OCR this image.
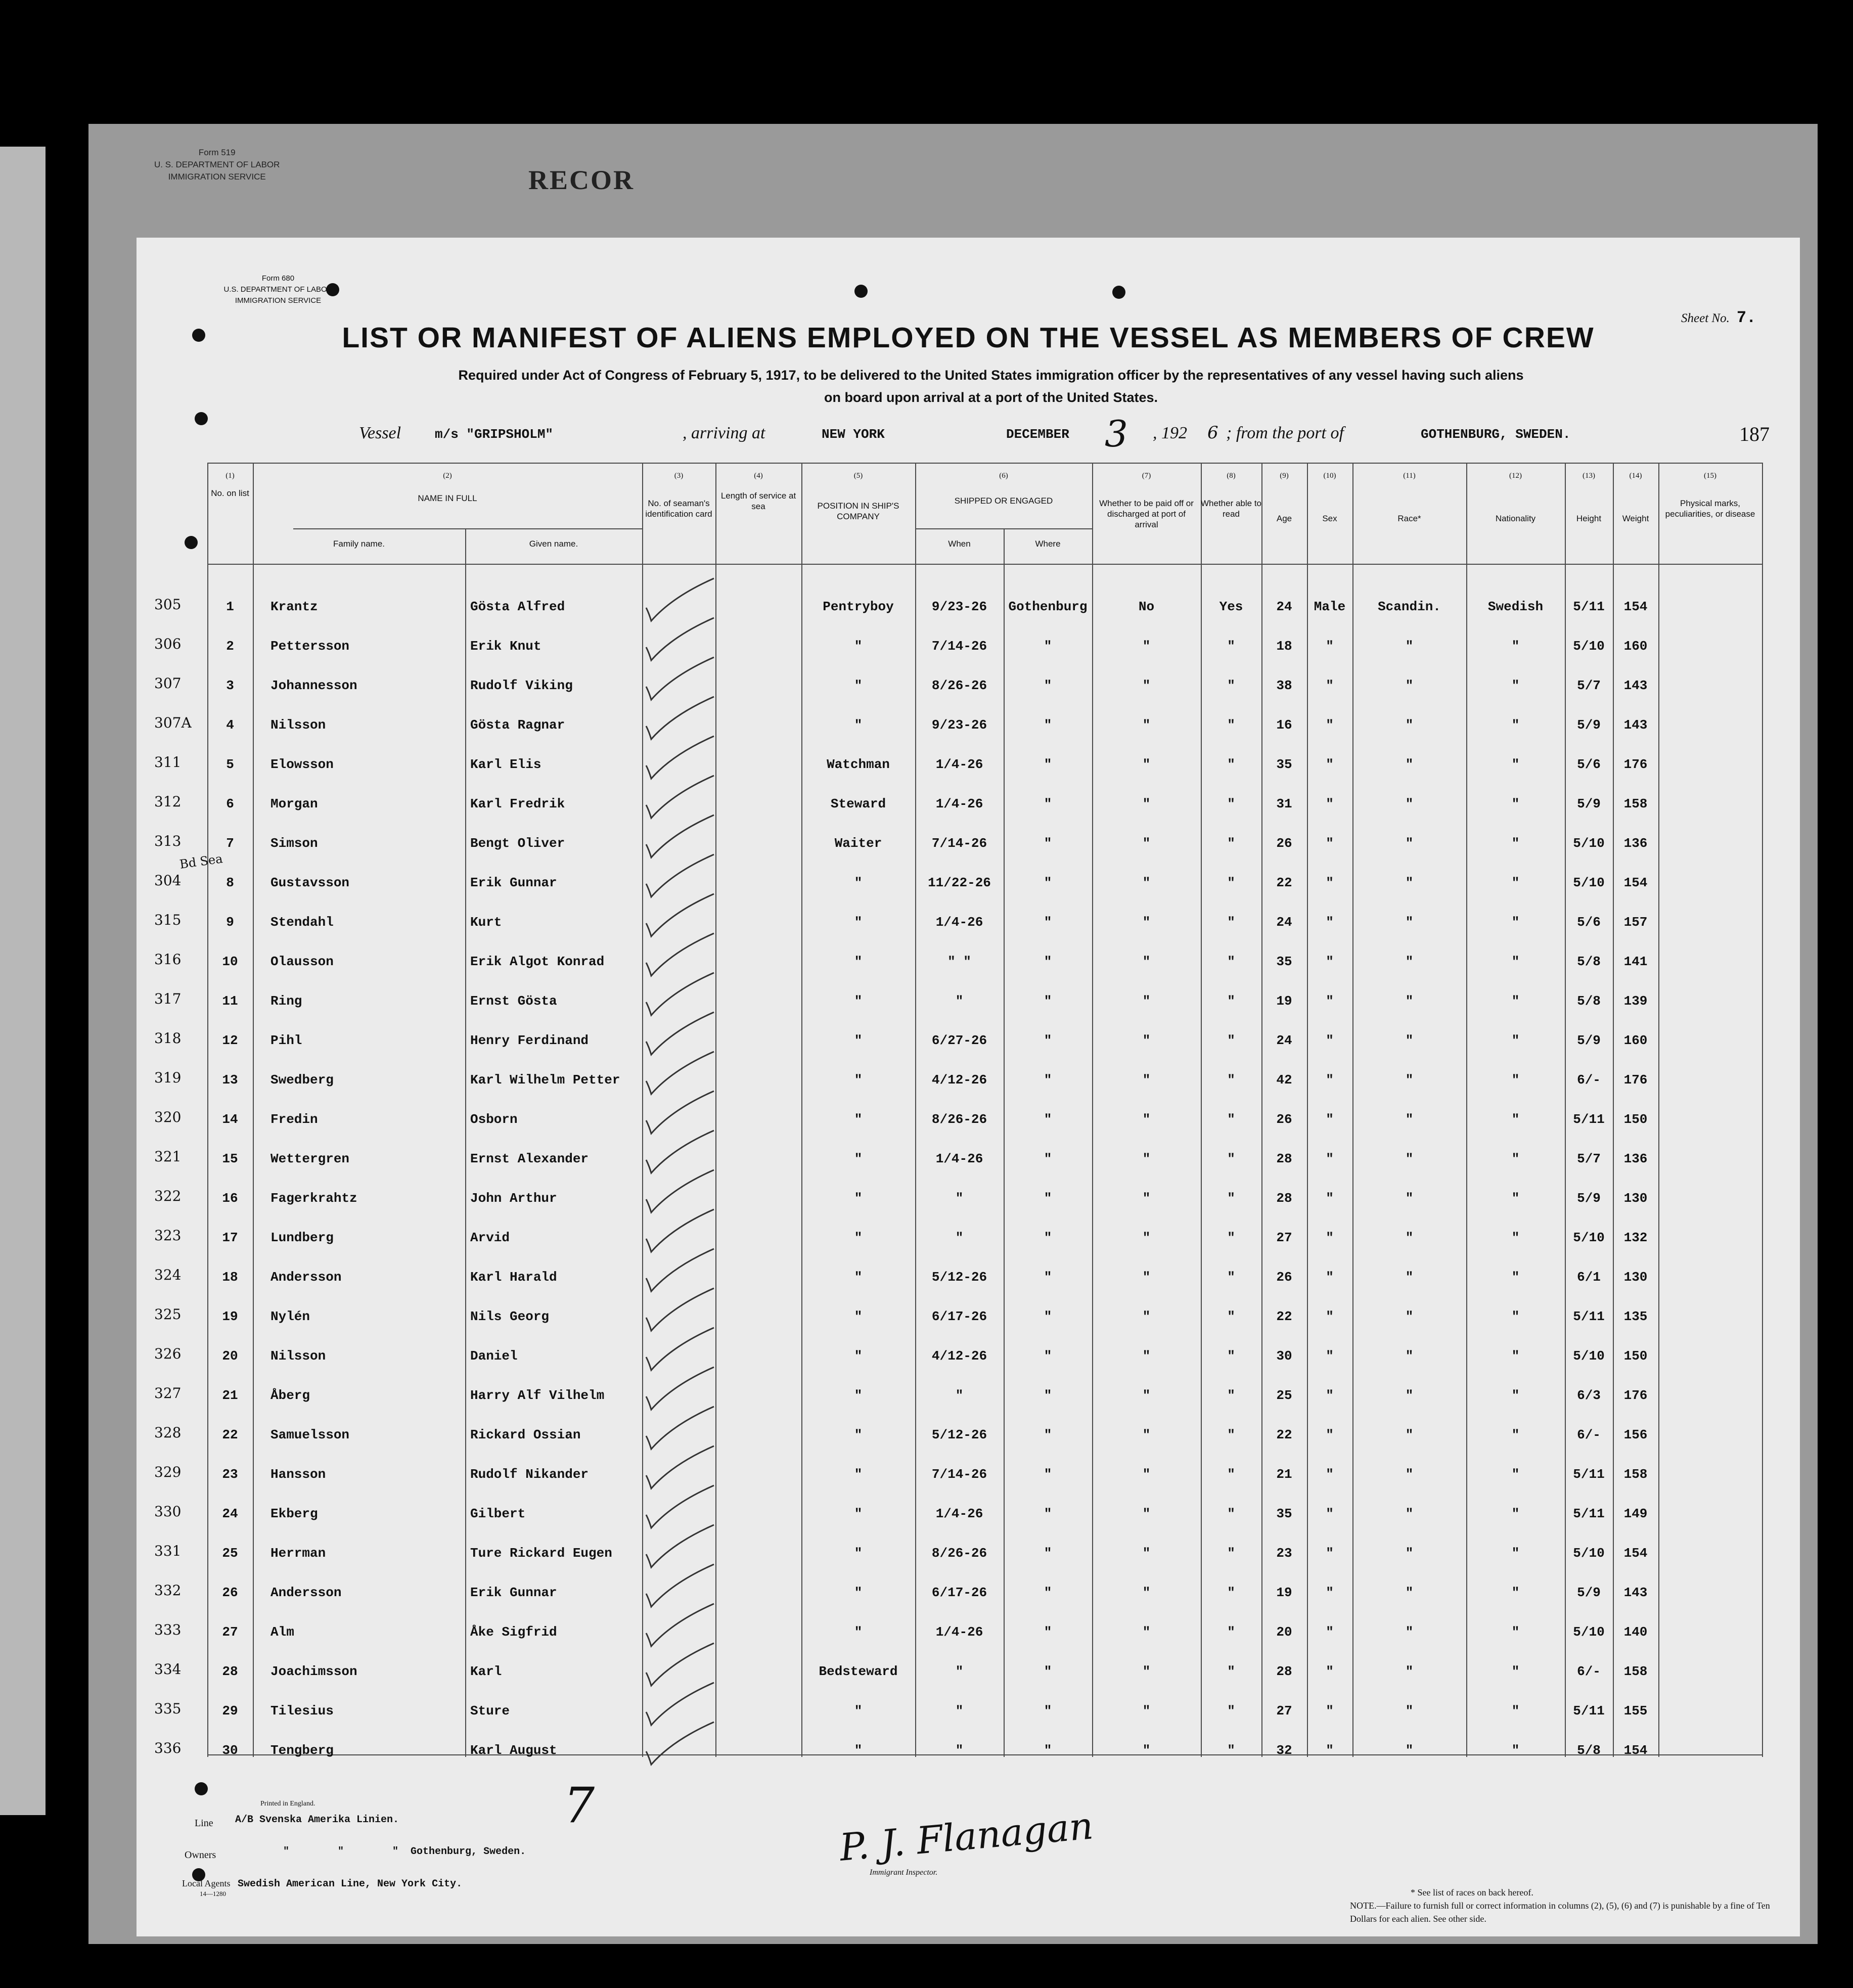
Form 519
U. S. DEPARTMENT OF LABOR
IMMIGRATION SERVICE	RECOR
Form 680
U.S. DEPARTMENT OF LABOR
IMMIGRATION SERVICE
Sheet No. 7.
LIST OR MANIFEST OF ALIENS EMPLOYED ON THE VESSEL AS MEMBERS OF CREW
Required under Act of Congress of February 5, 1917, to be delivered to the United States immigration officer by the representatives of any vessel having such aliens
on board upon arrival at a port of the United States.
187
Vessel	m/s "GRIPSHOLM"	, arriving at	NEW YORK	DECEMBER 3 , 192 6 ; from the port of	GOTHENBURG, SWEDEN.
(1)	(2)	(3)	(4)	(5)	(6)	(7)	(8)	(9)	(10)	(11)	(12)	(13)	(14)	(15)
No. on list
NAME IN FULL
Family name.	Given name.
No. of seaman's identification card
Length of service at sea	POSITION IN SHIP'S COMPANY
SHIPPED OR ENGAGED
When	Where
Whether to be paid off or discharged at port of arrival
Whether able to read	Age	Sex	Race*	Nationality	Height	Weight
Physical marks, peculiarities, or disease
305	1	Krantz	Gösta Alfred	Pentryboy	9/23-26	Gothenburg	No	Yes	24	Male	Scandin.	Swedish	5/11	154
306	2	Pettersson	Erik Knut	"	7/14-26	"	"	"	18	"	"	"	5/10	160
307	3	Johannesson	Rudolf Viking	"	8/26-26	"	"	"	38	"	"	"	5/7	143
307A	4	Nilsson	Gösta Ragnar	"	9/23-26	"	"	"	16	"	"	"	5/9	143
311	5	Elowsson	Karl Elis	Watchman	1/4-26	"	"	"	35	"	"	"	5/6	176
312	6	Morgan	Karl Fredrik	Steward	1/4-26	"	"	"	31	"	"	"	5/9	158
313	7	Simson	Bengt Oliver	Waiter	7/14-26	"	"	"	26	"	"	"	5/10	136
304	8	Gustavsson	Erik Gunnar	"	11/22-26	"	"	"	22	"	"	"	5/10	154
315	9	Stendahl	Kurt	"	1/4-26	"	"	"	24	"	"	"	5/6	157
316	10	Olausson	Erik Algot Konrad	"	" "	"	"	"	35	"	"	"	5/8	141
317	11	Ring	Ernst Gösta	"	"	"	"	"	19	"	"	"	5/8	139
318	12	Pihl	Henry Ferdinand	"	6/27-26	"	"	"	24	"	"	"	5/9	160
319	13	Swedberg	Karl Wilhelm Petter	"	4/12-26	"	"	"	42	"	"	"	6/-	176
320	14	Fredin	Osborn	"	8/26-26	"	"	"	26	"	"	"	5/11	150
321	15	Wettergren	Ernst Alexander	"	1/4-26	"	"	"	28	"	"	"	5/7	136
322	16	Fagerkrahtz	John Arthur	"	"	"	"	"	28	"	"	"	5/9	130
323	17	Lundberg	Arvid	"	"	"	"	"	27	"	"	"	5/10	132
324	18	Andersson	Karl Harald	"	5/12-26	"	"	"	26	"	"	"	6/1	130
325	19	Nylén	Nils Georg	"	6/17-26	"	"	"	22	"	"	"	5/11	135
326	20	Nilsson	Daniel	"	4/12-26	"	"	"	30	"	"	"	5/10	150
327	21	Åberg	Harry Alf Vilhelm	"	"	"	"	"	25	"	"	"	6/3	176
328	22	Samuelsson	Rickard Ossian	"	5/12-26	"	"	"	22	"	"	"	6/-	156
329	23	Hansson	Rudolf Nikander	"	7/14-26	"	"	"	21	"	"	"	5/11	158
330	24	Ekberg	Gilbert	"	1/4-26	"	"	"	35	"	"	"	5/11	149
331	25	Herrman	Ture Rickard Eugen	"	8/26-26	"	"	"	23	"	"	"	5/10	154
332	26	Andersson	Erik Gunnar	"	6/17-26	"	"	"	19	"	"	"	5/9	143
333	27	Alm	Åke Sigfrid	"	1/4-26	"	"	"	20	"	"	"	5/10	140
334	28	Joachimsson	Karl	Bedsteward	"	"	"	"	28	"	"	"	6/-	158
335	29	Tilesius	Sture	"	"	"	"	"	27	"	"	"	5/11	155
336	30	Tengberg	Karl August	"	"	"	"	"	32	"	"	"	5/8	154
Bd Sea
Printed in England.
Line A/B Svenska Amerika Linien.
Owners	"        "        "  Gothenburg, Sweden.
Local Agents
14—1280
Swedish American Line, New York City.
7	P. J. Flanagan
Immigrant Inspector.
* See list of races on back hereof.
NOTE.—Failure to furnish full or correct information in columns (2), (5), (6) and (7) is punishable by a fine of Ten Dollars for each alien. See other side.
